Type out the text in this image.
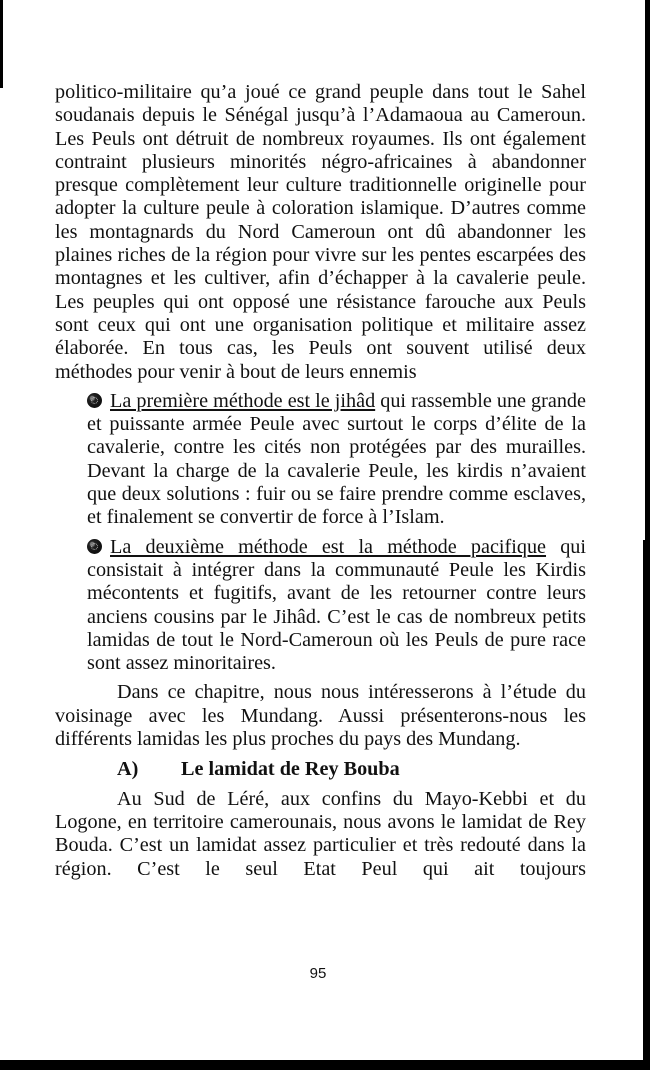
politico-militaire qu’a joué ce grand peuple dans tout le Sahel soudanais depuis le Sénégal jusqu’à l’Adamaoua au Cameroun. Les Peuls ont détruit de nombreux royaumes. Ils ont également contraint plusieurs minorités négro-africaines à abandonner presque complètement leur culture traditionnelle originelle pour adopter la culture peule à coloration islamique. D’autres comme les montagnards du Nord Cameroun ont dû abandonner les plaines riches de la région pour vivre sur les pentes escarpées des montagnes et les cultiver, afin d’échapper à la cavalerie peule. Les peuples qui ont opposé une résistance farouche aux Peuls sont ceux qui ont une organisation politique et militaire assez élaborée. En tous cas, les Peuls ont souvent utilisé deux méthodes pour venir à bout de leurs ennemis

La première méthode est le jihâd qui rassemble une grande et puissante armée Peule avec surtout le corps d’élite de la cavalerie, contre les cités non protégées par des murailles. Devant la charge de la cavalerie Peule, les kirdis n’avaient que deux solutions : fuir ou se faire prendre comme esclaves, et finalement se convertir de force à l’Islam.

La deuxième méthode est la méthode pacifique qui consistait à intégrer dans la communauté Peule les Kirdis mécontents et fugitifs, avant de les retourner contre leurs anciens cousins par le Jihâd. C’est le cas de nombreux petits lamidas de tout le Nord-Cameroun où les Peuls de pure race sont assez minoritaires.

Dans ce chapitre, nous nous intéresserons à l’étude du voisinage avec les Mundang. Aussi présenterons-nous les différents lamidas les plus proches du pays des Mundang.

A) Le lamidat de Rey Bouba

Au Sud de Léré, aux confins du Mayo-Kebbi et du Logone, en territoire camerounais, nous avons le lamidat de Rey Bouda. C’est un lamidat assez particulier et très redouté dans la région. C’est le seul Etat Peul qui ait toujours

95
